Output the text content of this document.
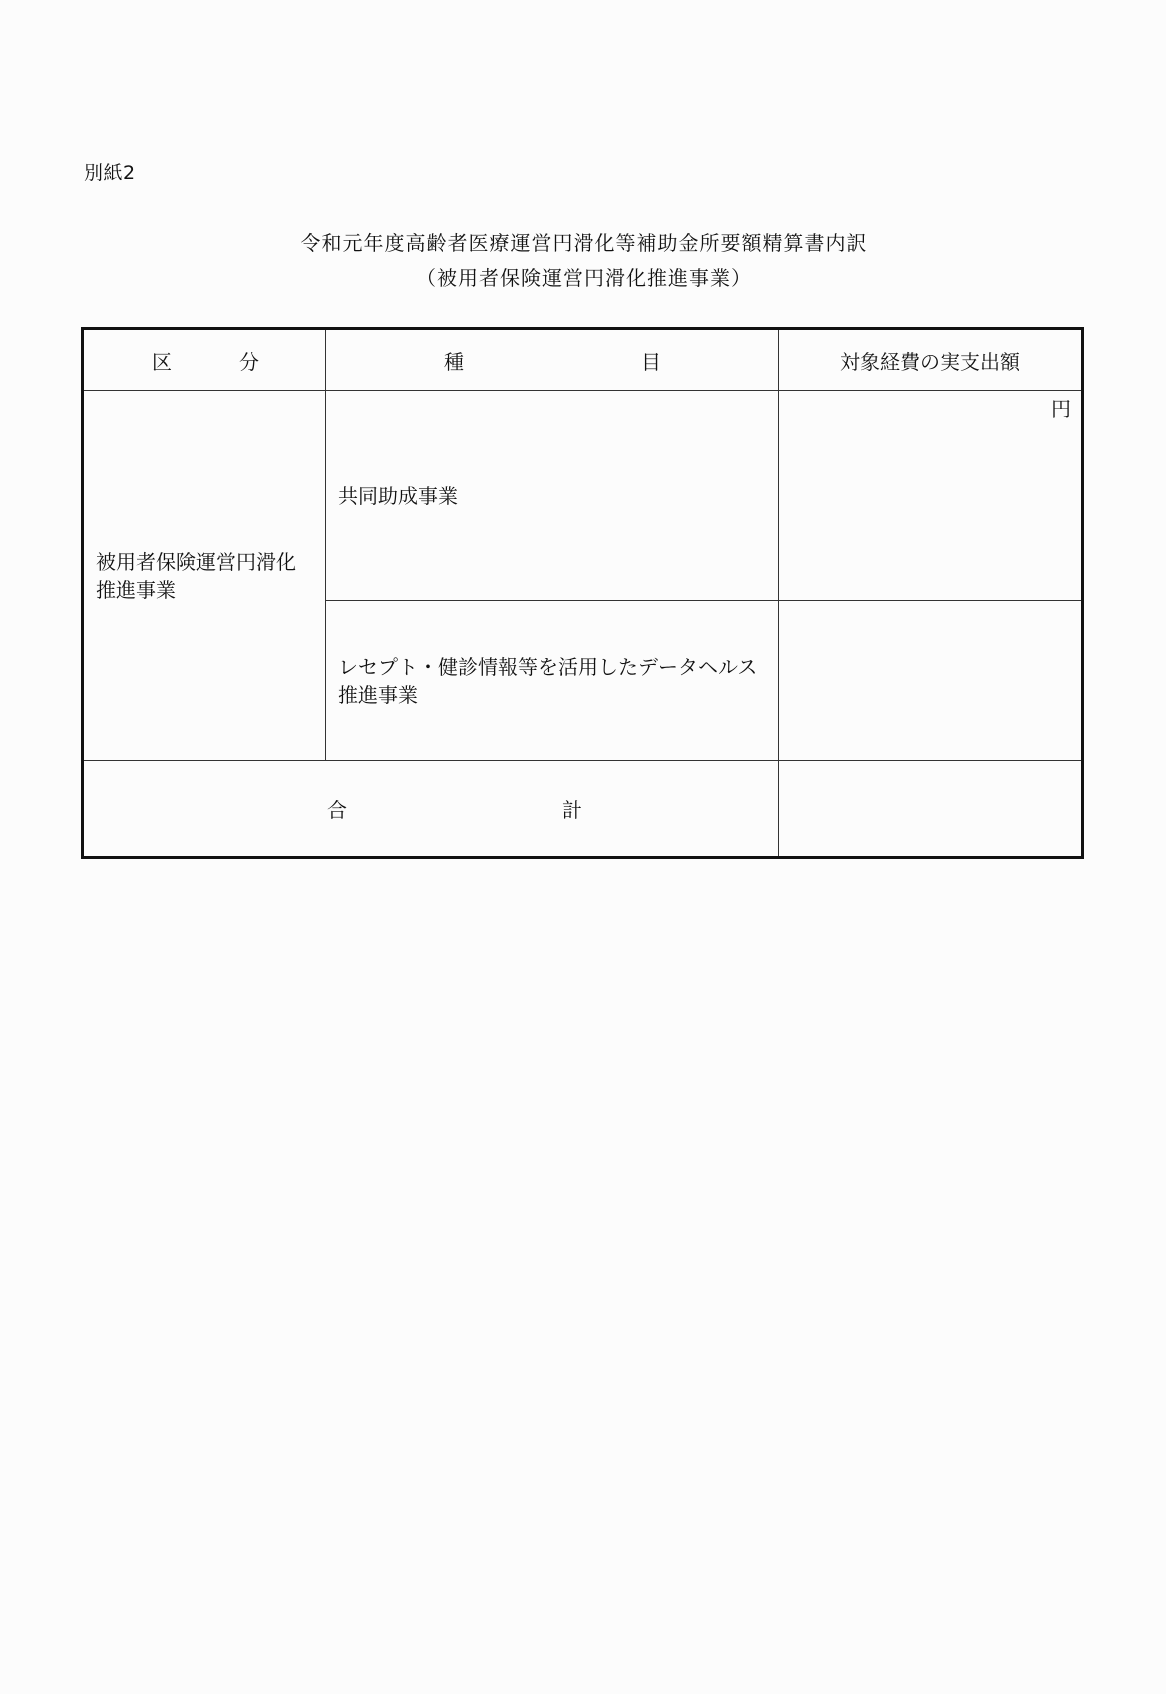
別紙2
令和元年度高齢者医療運営円滑化等補助金所要額精算書内訳
（被用者保険運営円滑化推進事業）
区 分	種 目	対象経費の実支出額
被用者保険運営円滑化推進事業	共同助成事業	円

	レセプト・健診情報等を活用したデータヘルス推進事業	

合 計		
